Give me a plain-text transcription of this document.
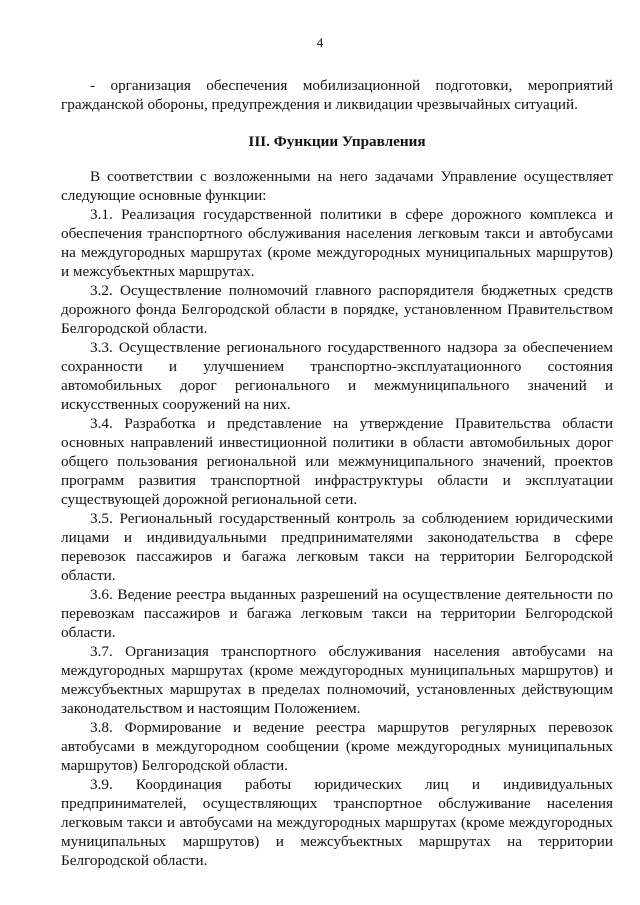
4

- организация обеспечения мобилизационной подготовки, мероприятий гражданской обороны, предупреждения и ликвидации чрезвычайных ситуаций.

III. Функции Управления

В соответствии с возложенными на него задачами Управление осуществляет следующие основные функции:

3.1. Реализация государственной политики в сфере дорожного комплекса и обеспечения транспортного обслуживания населения легковым такси и автобусами на междугородных маршрутах (кроме междугородных муниципальных маршрутов) и межсубъектных маршрутах.

3.2. Осуществление полномочий главного распорядителя бюджетных средств дорожного фонда Белгородской области в порядке, установленном Правительством Белгородской области.

3.3. Осуществление регионального государственного надзора за обеспечением сохранности и улучшением транспортно-эксплуатационного состояния автомобильных дорог регионального и межмуниципального значений и искусственных сооружений на них.

3.4. Разработка и представление на утверждение Правительства области основных направлений инвестиционной политики в области автомобильных дорог общего пользования региональной или межмуниципального значений, проектов программ развития транспортной инфраструктуры области и эксплуатации существующей дорожной региональной сети.

3.5. Региональный государственный контроль за соблюдением юридическими лицами и индивидуальными предпринимателями законодательства в сфере перевозок пассажиров и багажа легковым такси на территории Белгородской области.

3.6. Ведение реестра выданных разрешений на осуществление деятельности по перевозкам пассажиров и багажа легковым такси на территории Белгородской области.

3.7. Организация транспортного обслуживания населения автобусами на междугородных маршрутах (кроме междугородных муниципальных маршрутов) и межсубъектных маршрутах в пределах полномочий, установленных действующим законодательством и настоящим Положением.

3.8. Формирование и ведение реестра маршрутов регулярных перевозок автобусами в междугородном сообщении (кроме междугородных муниципальных маршрутов) Белгородской области.

3.9. Координация работы юридических лиц и индивидуальных предпринимателей, осуществляющих транспортное обслуживание населения легковым такси и автобусами на междугородных маршрутах (кроме междугородных муниципальных маршрутов) и межсубъектных маршрутах на территории Белгородской области.
